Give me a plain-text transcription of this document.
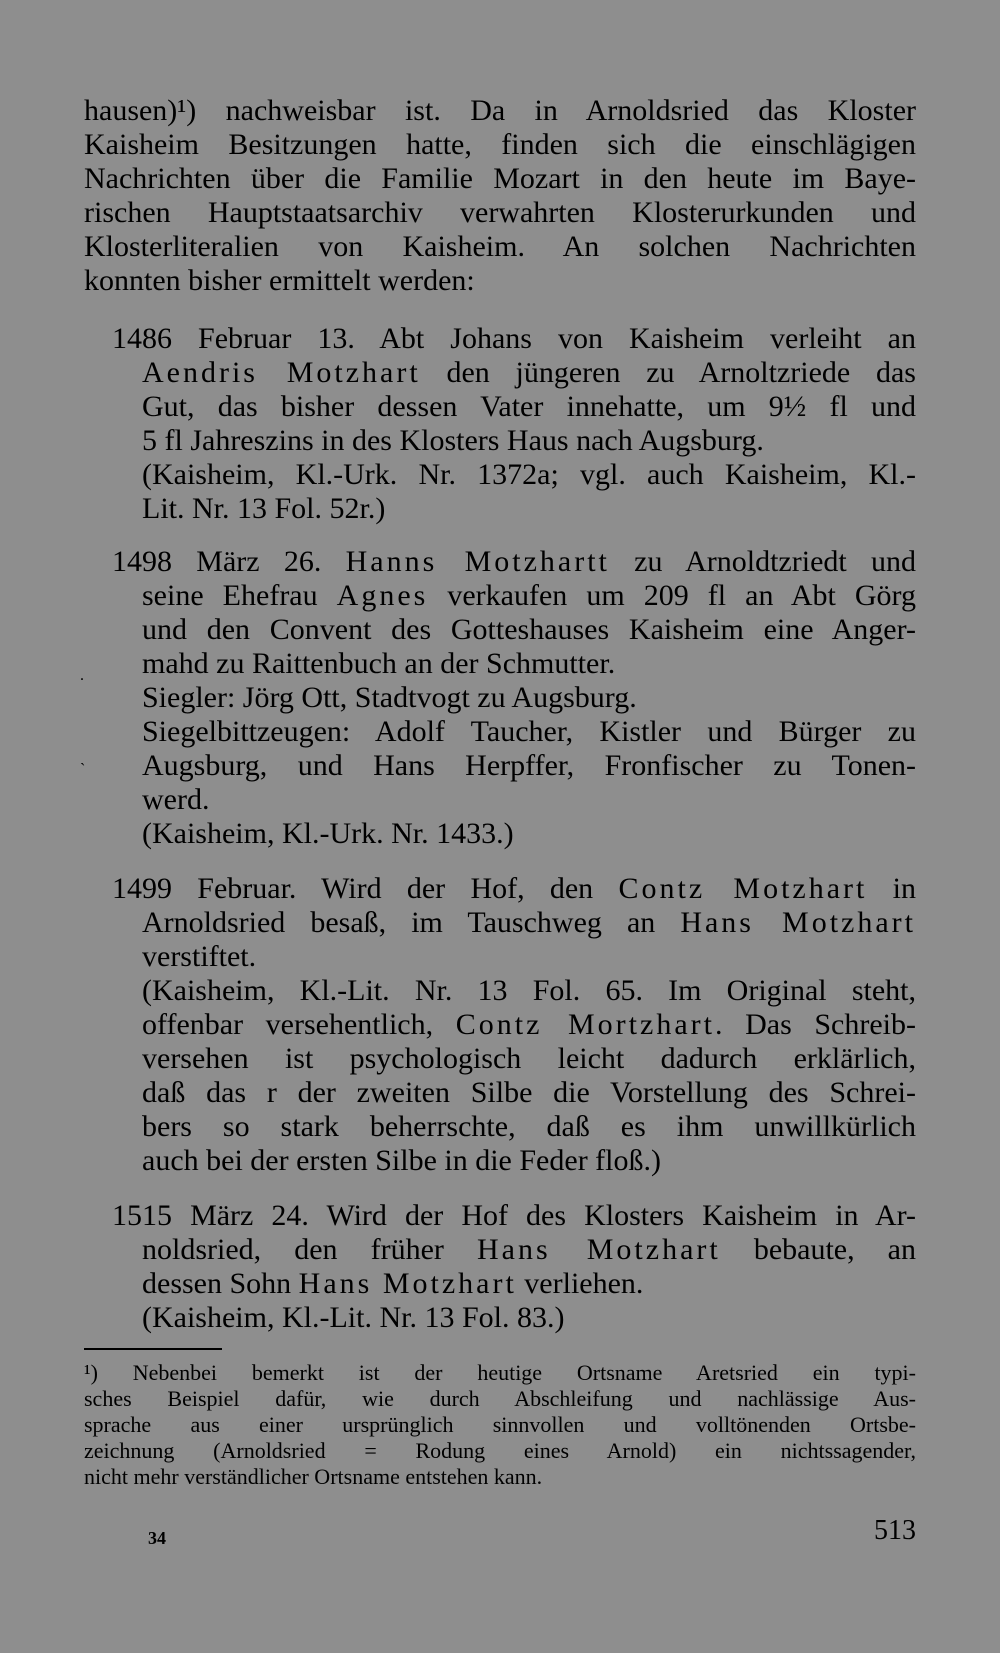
hausen)¹) nachweisbar ist. Da in Arnoldsried das Kloster
Kaisheim Besitzungen hatte, finden sich die einschlägigen
Nachrichten über die Familie Mozart in den heute im Baye-
rischen Hauptstaatsarchiv verwahrten Klosterurkunden und
Klosterliteralien von Kaisheim. An solchen Nachrichten
konnten bisher ermittelt werden:
1486 Februar 13. Abt Johans von Kaisheim verleiht an
Aendris Motzhart den jüngeren zu Arnoltzriede das
Gut, das bisher dessen Vater innehatte, um 9½ fl und
5 fl Jahreszins in des Klosters Haus nach Augsburg.
(Kaisheim, Kl.-Urk. Nr. 1372a; vgl. auch Kaisheim, Kl.-
Lit. Nr. 13 Fol. 52r.)
1498 März 26. Hanns Motzhartt zu Arnoldtzriedt und
seine Ehefrau Agnes verkaufen um 209 fl an Abt Görg
und den Convent des Gotteshauses Kaisheim eine Anger-
mahd zu Raittenbuch an der Schmutter.
Siegler: Jörg Ott, Stadtvogt zu Augsburg.
Siegelbittzeugen: Adolf Taucher, Kistler und Bürger zu
Augsburg, und Hans Herpffer, Fronfischer zu Tonen-
werd.
(Kaisheim, Kl.-Urk. Nr. 1433.)
1499 Februar. Wird der Hof, den Contz Motzhart in
Arnoldsried besaß, im Tauschweg an Hans Motzhart
verstiftet.
(Kaisheim, Kl.-Lit. Nr. 13 Fol. 65. Im Original steht,
offenbar versehentlich, Contz Mortzhart. Das Schreib-
versehen ist psychologisch leicht dadurch erklärlich,
daß das r der zweiten Silbe die Vorstellung des Schrei-
bers so stark beherrschte, daß es ihm unwillkürlich
auch bei der ersten Silbe in die Feder floß.)
1515 März 24. Wird der Hof des Klosters Kaisheim in Ar-
noldsried, den früher Hans Motzhart bebaute, an
dessen Sohn Hans Motzhart verliehen.
(Kaisheim, Kl.-Lit. Nr. 13 Fol. 83.)
¹) Nebenbei bemerkt ist der heutige Ortsname Aretsried ein typi-
sches Beispiel dafür, wie durch Abschleifung und nachlässige Aus-
sprache aus einer ursprünglich sinnvollen und volltönenden Ortsbe-
zeichnung (Arnoldsried = Rodung eines Arnold) ein nichtssagender,
nicht mehr verständlicher Ortsname entstehen kann.
.
`
34	513
